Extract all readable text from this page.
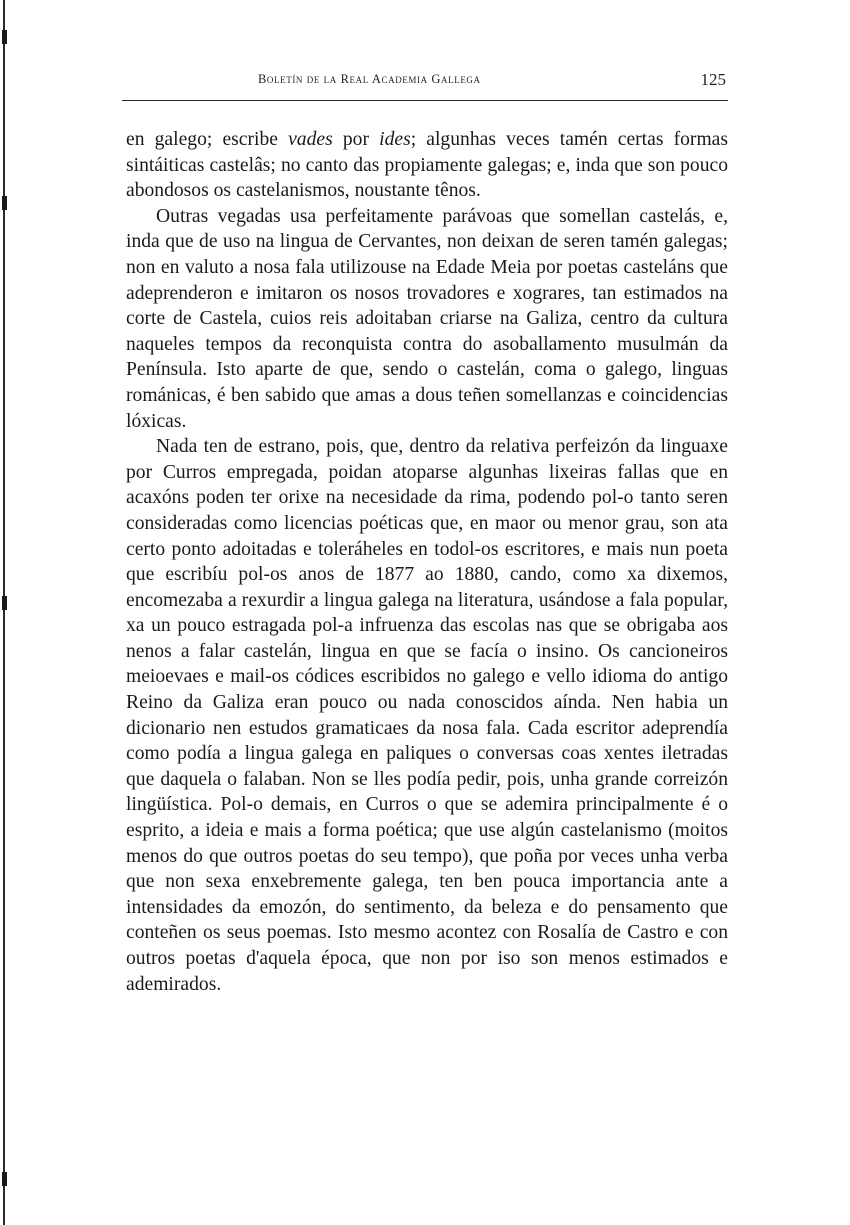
Boletín de la Real Academia Gallega	125

en galego; escribe vades por ides; algunhas veces tamén certas formas sintáiticas castelâs; no canto das propiamente galegas; e, inda que son pouco abondosos os castelanismos, noustante tênos.

Outras vegadas usa perfeitamente parávoas que somellan castelás, e, inda que de uso na lingua de Cervantes, non deixan de seren tamén galegas; non en valuto a nosa fala utilizouse na Edade Meia por poetas casteláns que adeprenderon e imitaron os nosos trovadores e xograres, tan estimados na corte de Castela, cuios reis adoitaban criarse na Galiza, centro da cultura naqueles tempos da reconquista contra do asoballamento musulmán da Península. Isto aparte de que, sendo o castelán, coma o galego, linguas románicas, é ben sabido que amas a dous teñen somellanzas e coincidencias lóxicas.

Nada ten de estrano, pois, que, dentro da relativa perfeizón da linguaxe por Curros empregada, poidan atoparse algunhas lixeiras fallas que en acaxóns poden ter orixe na necesidade da rima, podendo pol-o tanto seren consideradas como licencias poéticas que, en maor ou menor grau, son ata certo ponto adoitadas e toleráheles en todol-os escritores, e mais nun poeta que escribíu pol-os anos de 1877 ao 1880, cando, como xa dixemos, encomezaba a rexurdir a lingua galega na literatura, usándose a fala popular, xa un pouco estragada pol-a infruenza das escolas nas que se obrigaba aos nenos a falar castelán, lingua en que se facía o insino. Os cancioneiros meioevaes e mail-os códices escribidos no galego e vello idioma do antigo Reino da Galiza eran pouco ou nada conoscidos aínda. Nen habia un dicionario nen estudos gramaticaes da nosa fala. Cada escritor adeprendía como podía a lingua galega en paliques o conversas coas xentes iletradas que daquela o falaban. Non se lles podía pedir, pois, unha grande correizón lingüística. Pol-o demais, en Curros o que se ademira principalmente é o esprito, a ideia e mais a forma poética; que use algún castelanismo (moitos menos do que outros poetas do seu tempo), que poña por veces unha verba que non sexa enxebremente galega, ten ben pouca importancia ante a intensidades da emozón, do sentimento, da beleza e do pensamento que conteñen os seus poemas. Isto mesmo acontez con Rosalía de Castro e con outros poetas d'aquela época, que non por iso son menos estimados e ademirados.
